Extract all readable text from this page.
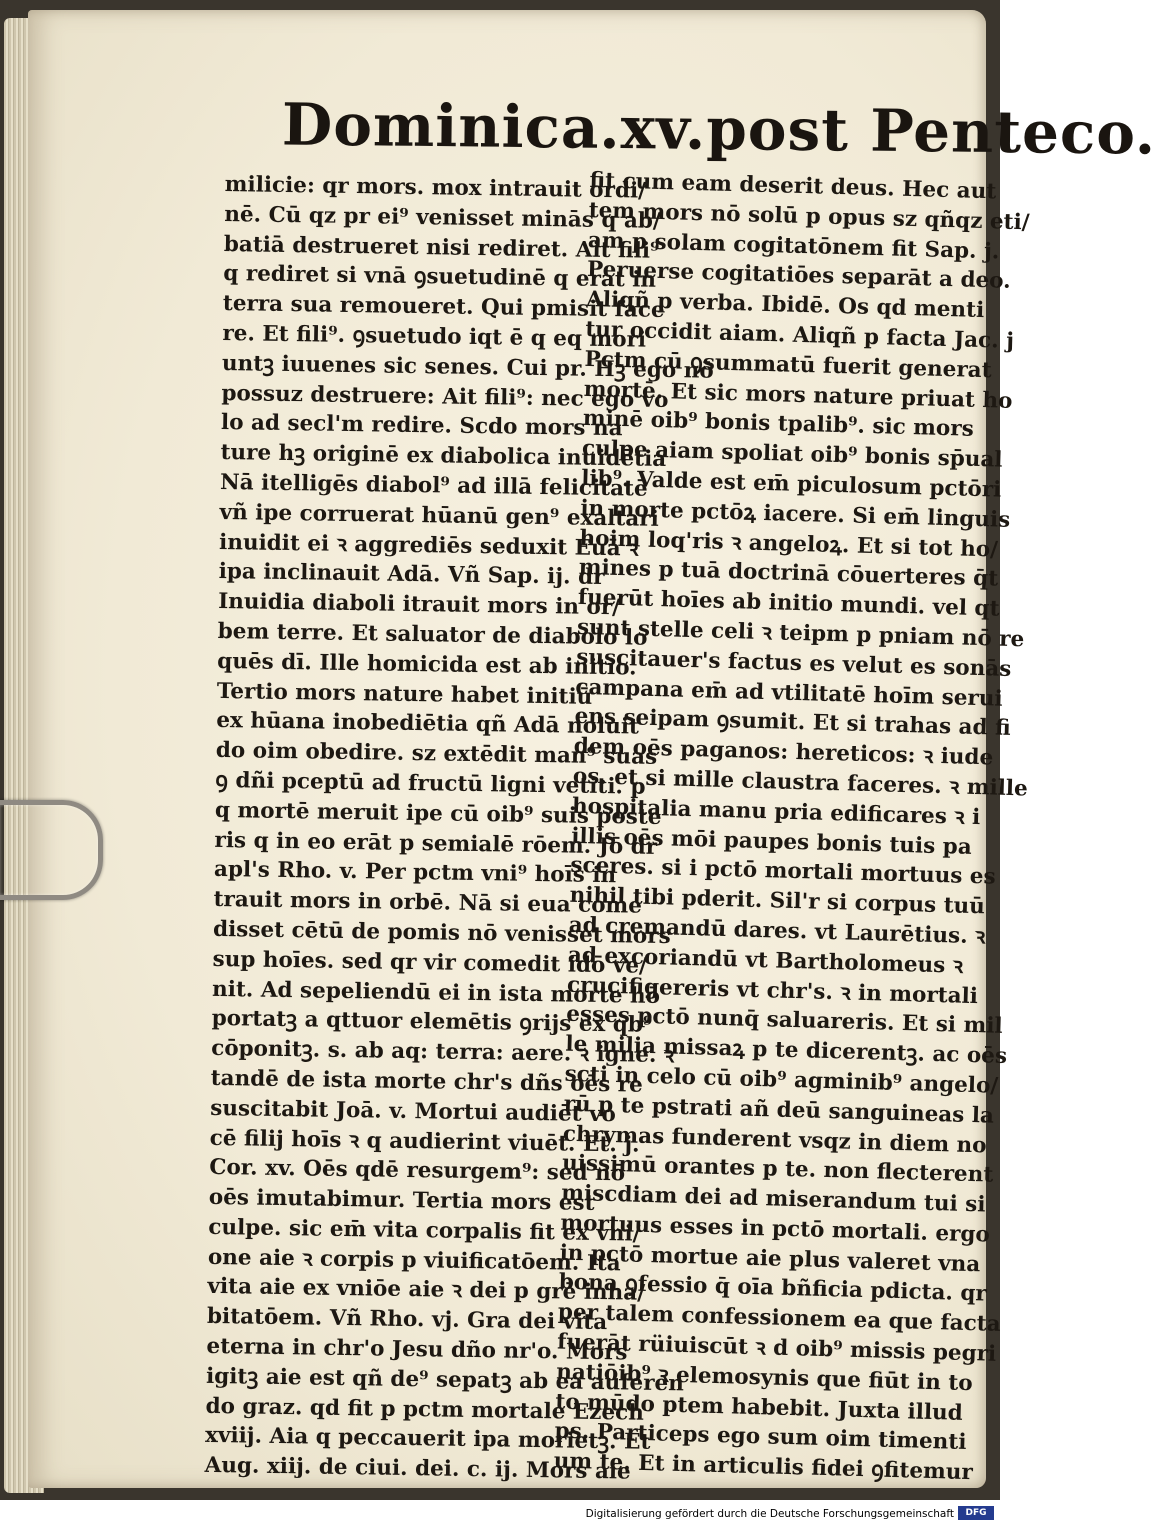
Dominica.xv.post Penteco.
milicie: qr mors. mox intrauit ordi/
nē. Cū qz pr ei⁹ venisset minās q ab/
batiā destrueret nisi rediret. Ait fili⁹
q rediret si vnā ꝯsuetudinē q erat in
terra sua remoueret. Qui pmisit face
re. Et fili⁹. ꝯsuetudo iqt ē q eq mori
untꝫ iuuenes sic senes. Cui pr. Hꝫ ego nō
possuz destruere: Ait fili⁹: nec ego vo
lo ad secl'm redire. Scdo mors na
ture hꝫ originē ex diabolica inuidētia
Nā itelligēs diabol⁹ ad illā felicitatē
vñ ipe corruerat hūanū gen⁹ exaltari
inuidit ei ꝛ aggrediēs seduxit Euā ꝛ
ipa inclinauit Adā. Vñ Sap. ij. dr
Inuidia diaboli itrauit mors in or/
bem terre. Et saluator de diabolo lo
quēs dī. Ille homicida est ab initio.
Tertio mors nature habet initiū
ex hūana inobediētia qñ Adā noluit
do oim obedire. sz extēdit man⁹ suas
ꝯ dñi pceptū ad fructū ligni vetiti. p
q mortē meruit ipe cū oib⁹ suis poste
ris q in eo erāt p semialē rōem. Jō dr
apl's Rho. v. Per pctm vni⁹ hoīs in
trauit mors in orbē. Nā si eua come
disset cētū de pomis nō venisset mors
sup hoīes. sed qr vir comedit idō ve/
nit. Ad sepeliendū ei in ista morte hō
portatꝫ a qttuor elemētis ꝯrijs ex qb⁹
cōponitꝫ. s. ab aq: terra: aere. ꝛ igne. ꝛ
tandē de ista morte chr's dñs oēs re
suscitabit Joā. v. Mortui audiēt vo
cē filij hoīs ꝛ q audierint viuēt. Et. j.
Cor. xv. Oēs qdē resurgem⁹: sed nō
oēs imutabimur. Tertia mors est
culpe. sic em̄ vita corpalis fit ex vni/
one aie ꝛ corpis p viuificatōem. Ita
vita aie ex vniōe aie ꝛ dei p grē inha/
bitatōem. Vñ Rho. vj. Gra dei vita
eterna in chr'o Jesu dño nr'o. Mors
igitꝫ aie est qñ de⁹ sepatꝫ ab ea auferen
do graz. qd fit p pctm mortale Ezech
xviij. Aia q peccauerit ipa morietꝫ. Et
Aug. xiij. de ciui. dei. c. ij. Mors aie
fit cum eam deserit deus. Hec aut
tem mors nō solū p opus sz qñqz eti/
am p solam cogitatōnem fit Sap. j.
Peruerse cogitatiōes separāt a deo.
Aliqñ p verba. Ibidē. Os qd menti
tur occidit aiam. Aliqñ p facta Jac. j
Pctm cū ꝯsummatū fuerit generat
mortē. Et sic mors nature priuat ho
minē oib⁹ bonis tpalib⁹. sic mors
culpe aiam spoliat oib⁹ bonis sp̄ual
lib⁹. Valde est em̄ piculosum pctōri
in morte pctōꝝ iacere. Si em̄ linguis
hoim loq'ris ꝛ angeloꝝ. Et si tot ho/
mines p tuā doctrinā cōuerteres q̄t
fuerūt hoīes ab initio mundi. vel qt
sunt stelle celi ꝛ teipm p pniam nō re
suscitauer's factus es velut es sonās
campana em̄ ad vtilitatē hoīm serui
ens seipam ꝯsumit. Et si trahas ad fi
dem oēs paganos: hereticos: ꝛ iude
os. et si mille claustra faceres. ꝛ mille
hospitalia manu pria edificares ꝛ i
illis oēs mōi paupes bonis tuis pa
sceres. si i pctō mortali mortuus es
nihil tibi pderit. Sil'r si corpus tuū
ad cremandū dares. vt Laurētius. ꝛ
ad excoriandū vt Bartholomeus ꝛ
crucifigereris vt chr's. ꝛ in mortali
esses pctō nunq̄ saluareris. Et si mil
le milia missaꝝ p te dicerentꝫ. ac oēs
scti in celo cū oib⁹ agminib⁹ angelo/
rū p te pstrati añ deū sanguineas la
chrymas funderent vsqz in diem no
uissimū orantes p te. non flecterent
miscdiam dei ad miserandum tui si
mortuus esses in pctō mortali. ergo
in pctō mortue aie plus valeret vna
bona ꝯfessio q̄ oīa bñficia pdicta. qr
per talem confessionem ea que facta
fuerāt rüiuiscūt ꝛ d oib⁹ missis pegri
natiōib⁹ ꝛ elemosynis que fiūt in to
to mūdo ptem habebit. Juxta illud
ps. Particeps ego sum oim timenti
um te. Et in articulis fidei ꝯfitemur
Digitalisierung gefördert durch die Deutsche Forschungsgemeinschaft	DFG
